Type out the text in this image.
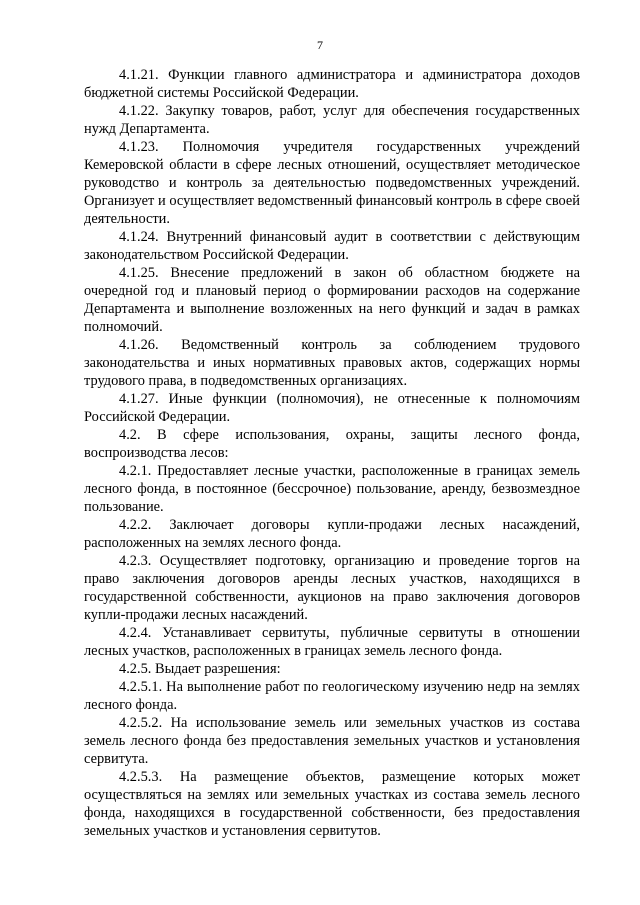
7

4.1.21. Функции главного администратора и администратора доходов бюджетной системы Российской Федерации.

4.1.22. Закупку товаров, работ, услуг для обеспечения государственных нужд Департамента.

4.1.23. Полномочия учредителя государственных учреждений Кемеровской области в сфере лесных отношений, осуществляет методическое руководство и контроль за деятельностью подведомственных учреждений. Организует и осуществляет ведомственный финансовый контроль в сфере своей деятельности.

4.1.24. Внутренний финансовый аудит в соответствии с действующим законодательством Российской Федерации.

4.1.25. Внесение предложений в закон об областном бюджете на очередной год и плановый период о формировании расходов на содержание Департамента и выполнение возложенных на него функций и задач в рамках полномочий.

4.1.26. Ведомственный контроль за соблюдением трудового законодательства и иных нормативных правовых актов, содержащих нормы трудового права, в подведомственных организациях.

4.1.27. Иные функции (полномочия), не отнесенные к полномочиям Российской Федерации.

4.2. В сфере использования, охраны, защиты лесного фонда, воспроизводства лесов:

4.2.1. Предоставляет лесные участки, расположенные в границах земель лесного фонда, в постоянное (бессрочное) пользование, аренду, безвозмездное пользование.

4.2.2. Заключает договоры купли-продажи лесных насаждений, расположенных на землях лесного фонда.

4.2.3. Осуществляет подготовку, организацию и проведение торгов на право заключения договоров аренды лесных участков, находящихся в государственной собственности, аукционов на право заключения договоров купли-продажи лесных насаждений.

4.2.4. Устанавливает сервитуты, публичные сервитуты в отношении лесных участков, расположенных в границах земель лесного фонда.

4.2.5. Выдает разрешения:

4.2.5.1. На выполнение работ по геологическому изучению недр на землях лесного фонда.

4.2.5.2. На использование земель или земельных участков из состава земель лесного фонда без предоставления земельных участков и установления сервитута.

4.2.5.3. На размещение объектов, размещение которых может осуществляться на землях или земельных участках из состава земель лесного фонда, находящихся в государственной собственности, без предоставления земельных участков и установления сервитутов.
